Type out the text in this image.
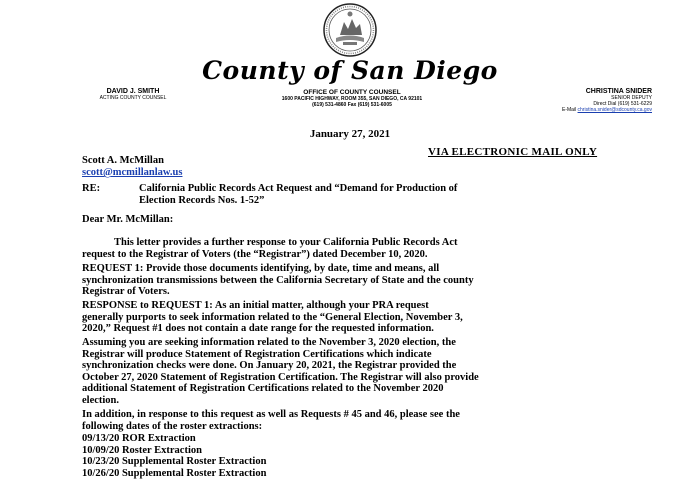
County of San Diego
DAVID J. SMITH
ACTING COUNTY COUNSEL
OFFICE OF COUNTY COUNSEL
1600 PACIFIC HIGHWAY, ROOM 355, SAN DIEGO, CA 92101
(619) 531-4860 Fax (619) 531-6005
CHRISTINA SNIDER
SENIOR DEPUTY
Direct Dial (619) 531-6229
E-Mail christina.snider@sdcounty.ca.gov
January 27, 2021
VIA ELECTRONIC MAIL ONLY
Scott A. McMillan
scott@mcmillanlaw.us
RE:	California Public Records Act Request and “Demand for Production of
Election Records Nos. 1-52”
Dear Mr. McMillan:
This letter provides a further response to your California Public Records Act
request to the Registrar of Voters (the “Registrar”) dated December 10, 2020.
REQUEST 1: Provide those documents identifying, by date, time and means, all
synchronization transmissions between the California Secretary of State and the county
Registrar of Voters.
RESPONSE to REQUEST 1: As an initial matter, although your PRA request
generally purports to seek information related to the “General Election, November 3,
2020,” Request #1 does not contain a date range for the requested information.
Assuming you are seeking information related to the November 3, 2020 election, the
Registrar will produce Statement of Registration Certifications which indicate
synchronization checks were done. On January 20, 2021, the Registrar provided the
October 27, 2020 Statement of Registration Certification. The Registrar will also provide
additional Statement of Registration Certifications related to the November 2020
election.
In addition, in response to this request as well as Requests # 45 and 46, please see the
following dates of the roster extractions:
09/13/20 ROR Extraction
10/09/20 Roster Extraction
10/23/20 Supplemental Roster Extraction
10/26/20 Supplemental Roster Extraction
